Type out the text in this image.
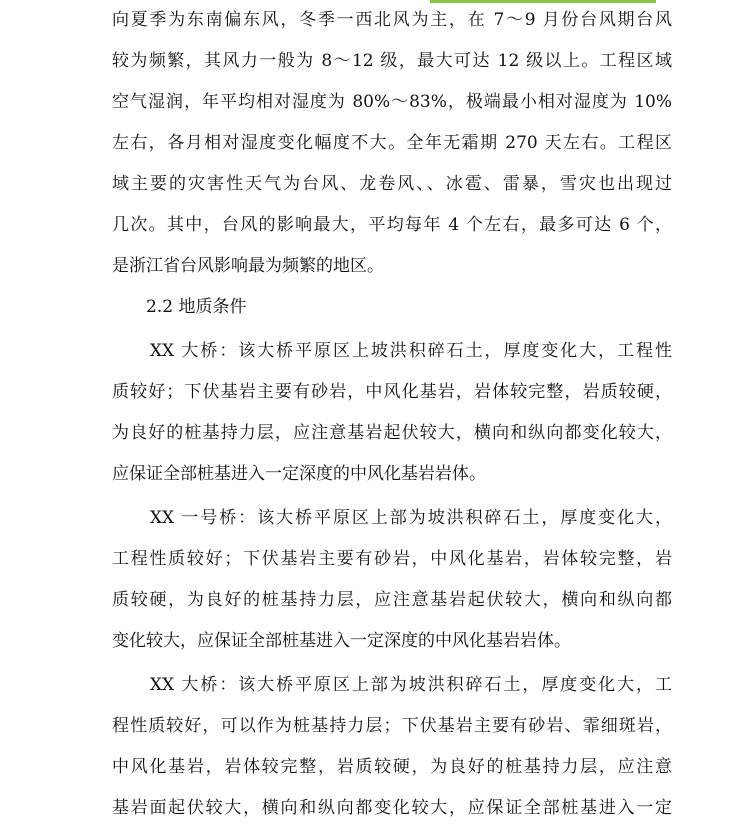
向夏季为东南偏东风，冬季一西北风为主，在 7～9 月份台风期台风
较为频繁，其风力一般为 8～12 级，最大可达 12 级以上。工程区域
空气湿润，年平均相对湿度为 80%～83%，极端最小相对湿度为 10%
左右，各月相对湿度变化幅度不大。全年无霜期 270 天左右。工程区
域主要的灾害性天气为台风、龙卷风、、冰雹、雷暴，雪灾也出现过
几次。其中，台风的影响最大，平均每年 4 个左右，最多可达 6 个，
是浙江省台风影响最为频繁的地区。
　　2.2 地质条件
　　XX 大桥：该大桥平原区上坡洪积碎石土，厚度变化大，工程性
质较好；下伏基岩主要有砂岩，中风化基岩，岩体较完整，岩质较硬，
为良好的桩基持力层，应注意基岩起伏较大，横向和纵向都变化较大，
应保证全部桩基进入一定深度的中风化基岩岩体。
　　XX 一号桥：该大桥平原区上部为坡洪积碎石土，厚度变化大，
工程性质较好；下伏基岩主要有砂岩，中风化基岩，岩体较完整，岩
质较硬，为良好的桩基持力层，应注意基岩起伏较大，横向和纵向都
变化较大，应保证全部桩基进入一定深度的中风化基岩岩体。
　　XX 大桥：该大桥平原区上部为坡洪积碎石土，厚度变化大，工
程性质较好，可以作为桩基持力层；下伏基岩主要有砂岩、霏细斑岩，
中风化基岩，岩体较完整，岩质较硬，为良好的桩基持力层，应注意
基岩面起伏较大，横向和纵向都变化较大，应保证全部桩基进入一定
